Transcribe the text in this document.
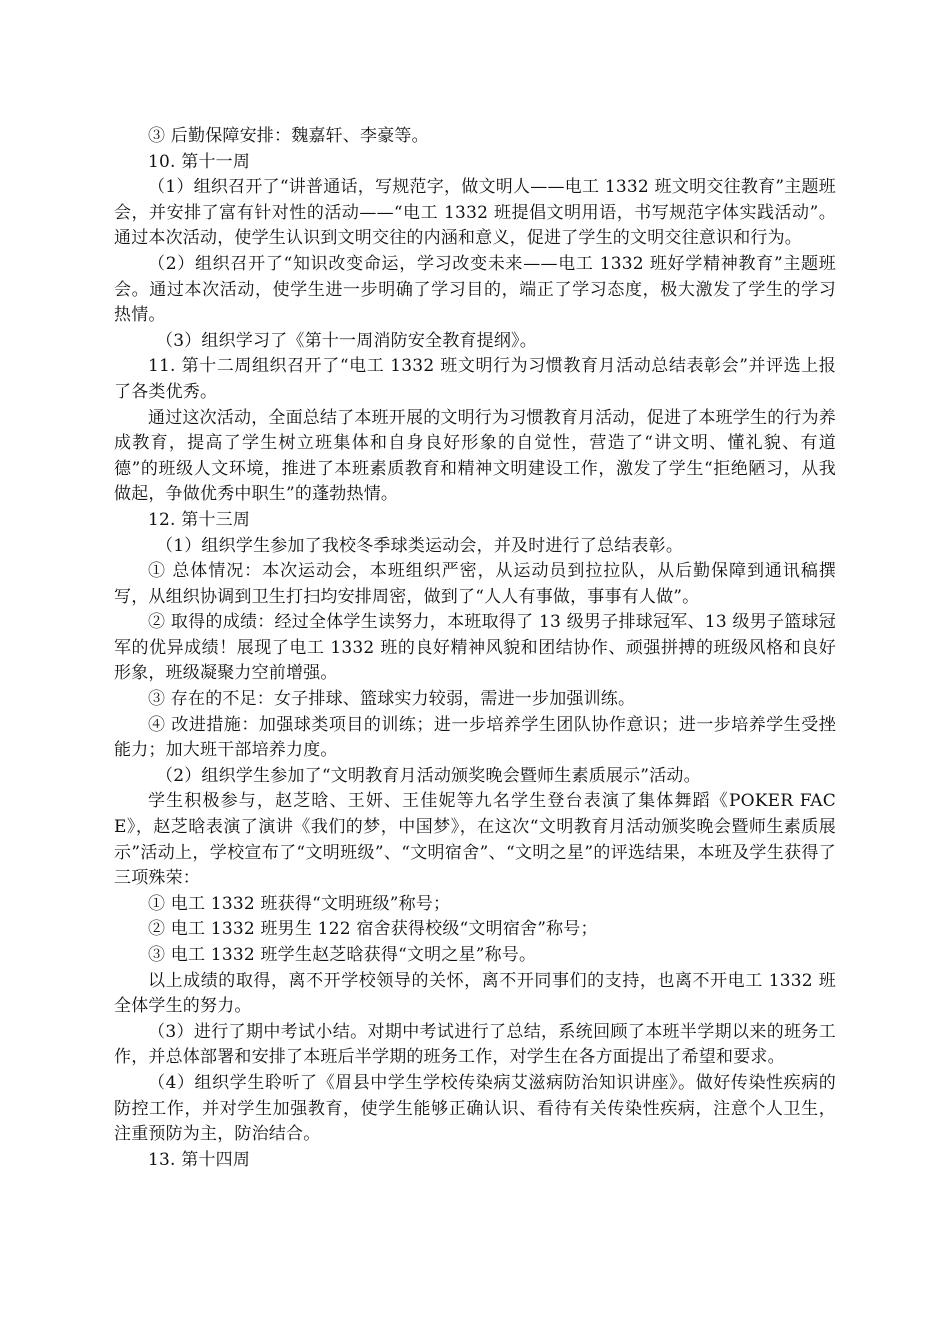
③ 后勤保障安排：魏嘉轩、李豪等。

10. 第十一周

（1）组织召开了“讲普通话，写规范字，做文明人——电工 1332 班文明交往教育”主题班会，并安排了富有针对性的活动——“电工 1332 班提倡文明用语，书写规范字体实践活动”。通过本次活动，使学生认识到文明交往的内涵和意义，促进了学生的文明交往意识和行为。

（2）组织召开了“知识改变命运，学习改变未来——电工 1332 班好学精神教育”主题班会。通过本次活动，使学生进一步明确了学习目的，端正了学习态度，极大激发了学生的学习热情。

（3）组织学习了《第十一周消防安全教育提纲》。

11. 第十二周组织召开了“电工 1332 班文明行为习惯教育月活动总结表彰会”并评选上报了各类优秀。

通过这次活动，全面总结了本班开展的文明行为习惯教育月活动，促进了本班学生的行为养成教育，提高了学生树立班集体和自身良好形象的自觉性，营造了“讲文明、懂礼貌、有道德”的班级人文环境，推进了本班素质教育和精神文明建设工作，激发了学生“拒绝陋习，从我做起，争做优秀中职生”的蓬勃热情。

12. 第十三周

（1）组织学生参加了我校冬季球类运动会，并及时进行了总结表彰。

① 总体情况：本次运动会，本班组织严密，从运动员到拉拉队，从后勤保障到通讯稿撰写，从组织协调到卫生打扫均安排周密，做到了“人人有事做，事事有人做”。

② 取得的成绩：经过全体学生读努力，本班取得了 13 级男子排球冠军、13 级男子篮球冠军的优异成绩！展现了电工 1332 班的良好精神风貌和团结协作、顽强拼搏的班级风格和良好形象，班级凝聚力空前增强。

③ 存在的不足：女子排球、篮球实力较弱，需进一步加强训练。

④ 改进措施：加强球类项目的训练；进一步培养学生团队协作意识；进一步培养学生受挫能力；加大班干部培养力度。

（2）组织学生参加了“文明教育月活动颁奖晚会暨师生素质展示”活动。

学生积极参与，赵芝晗、王妍、王佳妮等九名学生登台表演了集体舞蹈《POKER FACE》，赵芝晗表演了演讲《我们的梦，中国梦》，在这次“文明教育月活动颁奖晚会暨师生素质展示”活动上，学校宣布了“文明班级”、“文明宿舍”、“文明之星”的评选结果，本班及学生获得了三项殊荣：

① 电工 1332 班获得“文明班级”称号；

② 电工 1332 班男生 122 宿舍获得校级“文明宿舍”称号；

③ 电工 1332 班学生赵芝晗获得“文明之星”称号。

以上成绩的取得，离不开学校领导的关怀，离不开同事们的支持，也离不开电工 1332 班全体学生的努力。

（3）进行了期中考试小结。对期中考试进行了总结，系统回顾了本班半学期以来的班务工作，并总体部署和安排了本班后半学期的班务工作，对学生在各方面提出了希望和要求。

（4）组织学生聆听了《眉县中学生学校传染病艾滋病防治知识讲座》。做好传染性疾病的防控工作，并对学生加强教育，使学生能够正确认识、看待有关传染性疾病，注意个人卫生，注重预防为主，防治结合。

13. 第十四周
